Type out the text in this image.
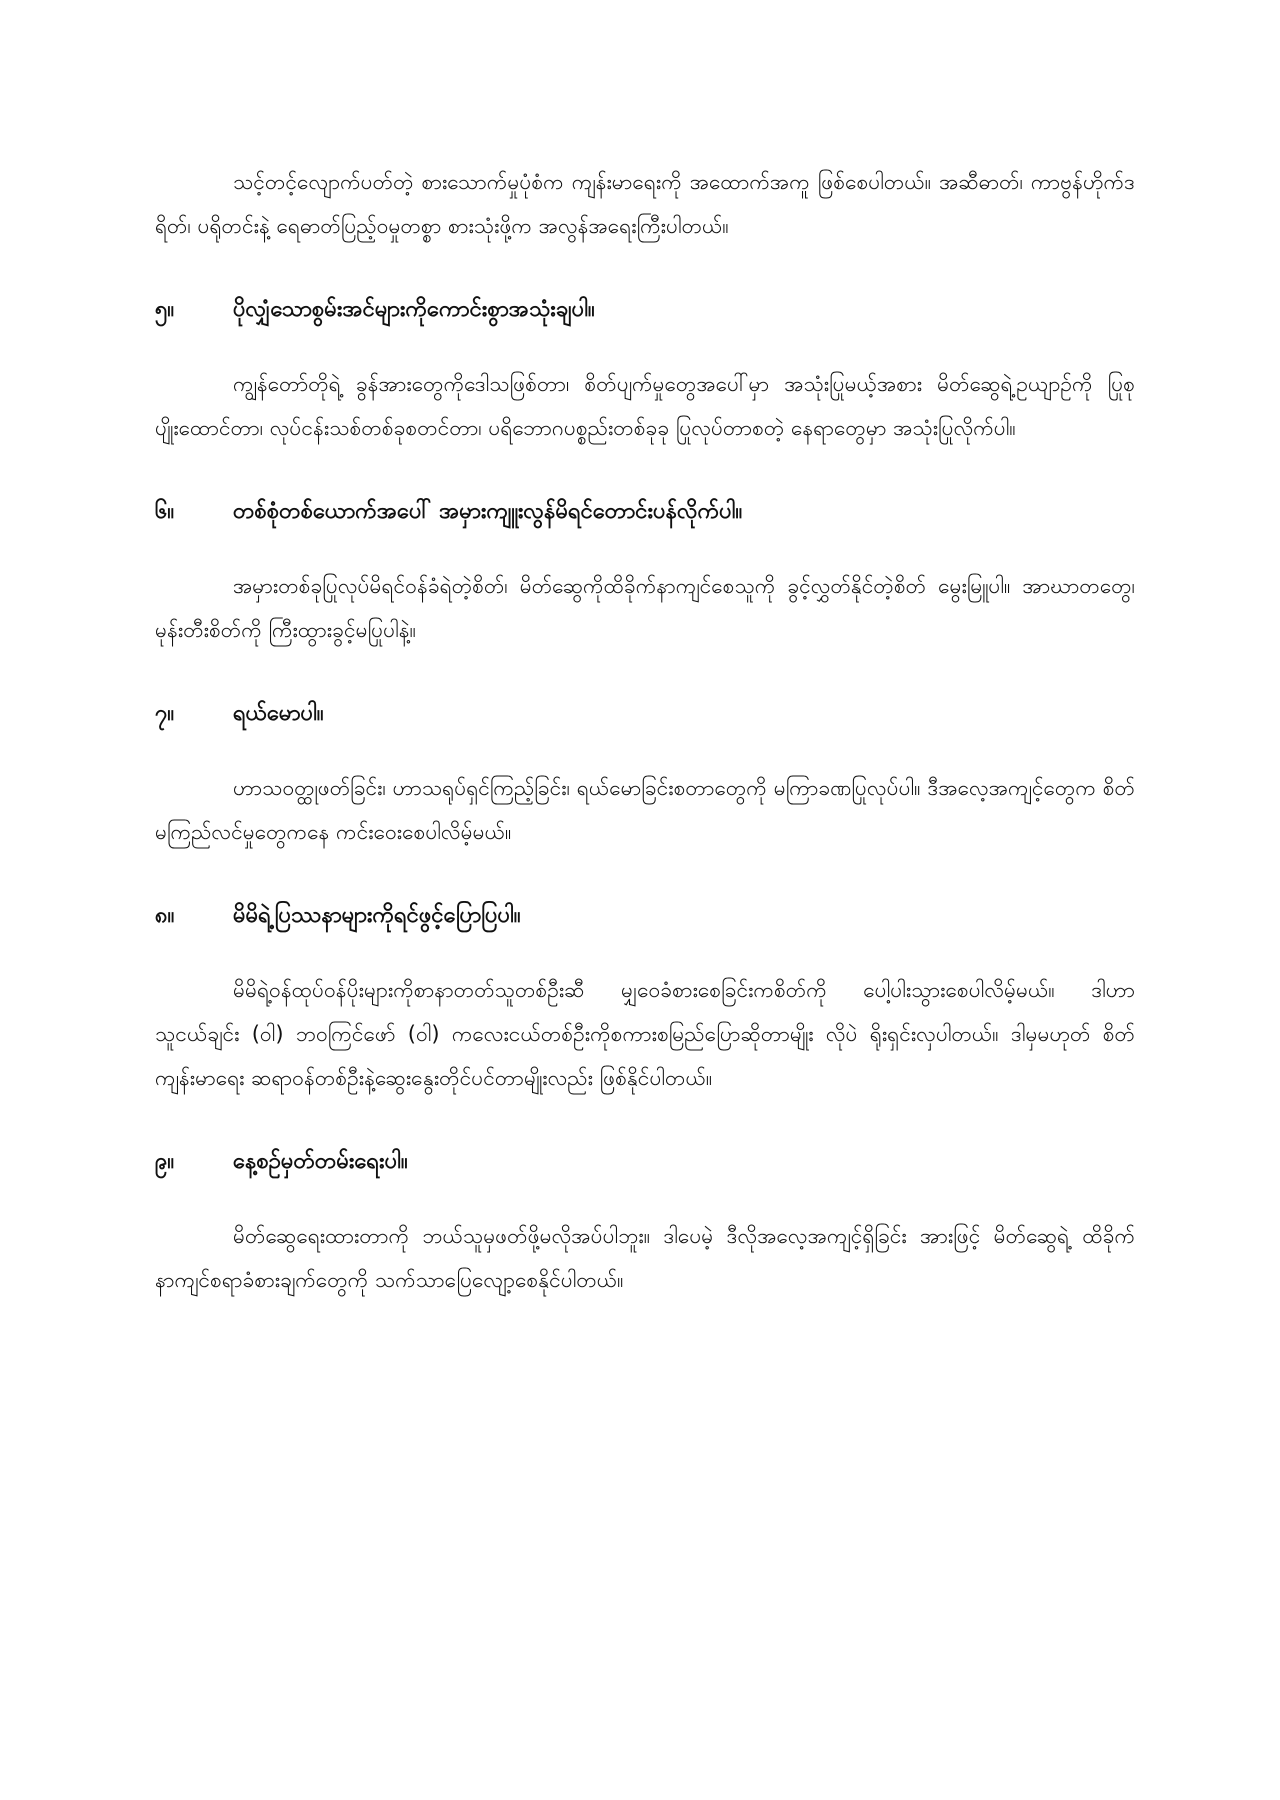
သင့်တင့်လျောက်ပတ်တဲ့ စားသောက်မှုပုံစံက ကျန်းမာရေးကို အထောက်အကူ ဖြစ်စေပါတယ်။ အဆီဓာတ်၊ ကာဗွန်ဟိုက်ဒရိတ်၊ ပရိုတင်းနဲ့ ရေဓာတ်ပြည့်ဝမှုတစ္စာ စားသုံးဖို့က အလွန်အရေးကြီးပါတယ်။

၅။	ပိုလျှံသောစွမ်းအင်များကိုကောင်းစွာအသုံးချပါ။

ကျွန်တော်တိုရဲ့ ခွန်အားတွေကိုဒေါသဖြစ်တာ၊ စိတ်ပျက်မှုတွေအပေါ်မှာ အသုံးပြုမယ့်အစား မိတ်ဆွေရဲ့ဥယျာဉ်ကို ပြုစုပျိုးထောင်တာ၊ လုပ်ငန်းသစ်တစ်ခုစတင်တာ၊ ပရိဘောဂပစ္စည်းတစ်ခုခု ပြုလုပ်တာစတဲ့ နေရာတွေမှာ အသုံးပြုလိုက်ပါ။

၆။	တစ်စုံတစ်ယောက်အပေါ် အမှားကျူးလွန်မိရင်တောင်းပန်လိုက်ပါ။

အမှားတစ်ခုပြုလုပ်မိရင်ဝန်ခံရဲတဲ့စိတ်၊ မိတ်ဆွေကိုထိခိုက်နာကျင်စေသူကို ခွင့်လွှတ်နိုင်တဲ့စိတ် မွေးမြူပါ။ အာဃာတတွေ၊ မုန်းတီးစိတ်ကို ကြီးထွားခွင့်မပြုပါနဲ့။

၇။	ရယ်မောပါ။

ဟာသဝတ္ထုဖတ်ခြင်း၊ ဟာသရုပ်ရှင်ကြည့်ခြင်း၊ ရယ်မောခြင်းစတာတွေကို မကြာခဏပြုလုပ်ပါ။ ဒီအလေ့အကျင့်တွေက စိတ်မကြည်လင်မှုတွေကနေ ကင်းဝေးစေပါလိမ့်မယ်။

၈။	မိမိရဲ့ပြဿနာများကိုရင်ဖွင့်ပြောပြပါ။

မိမိရဲ့ဝန်ထုပ်ဝန်ပိုးများကိုစာနာတတ်သူတစ်ဦးဆီ မျှဝေခံစားစေခြင်းကစိတ်ကို ပေါ့ပါးသွားစေပါလိမ့်မယ်။ ဒါဟာ သူငယ်ချင်း (ဝါ) ဘဝကြင်ဖော် (ဝါ) ကလေးငယ်တစ်ဦးကိုစကားစမြည်ပြောဆိုတာမျိုး လိုပဲ ရိုးရှင်းလှပါတယ်။ ဒါမှမဟုတ် စိတ်ကျန်းမာရေး ဆရာဝန်တစ်ဦးနဲ့ဆွေးနွေးတိုင်ပင်တာမျိုးလည်း ဖြစ်နိုင်ပါတယ်။

၉။	နေ့စဉ်မှတ်တမ်းရေးပါ။

မိတ်ဆွေရေးထားတာကို ဘယ်သူမှဖတ်ဖို့မလိုအပ်ပါဘူး။ ဒါပေမဲ့ ဒီလိုအလေ့အကျင့်ရှိခြင်း အားဖြင့် မိတ်ဆွေရဲ့ ထိခိုက်နာကျင်စရာခံစားချက်တွေကို သက်သာပြေလျော့စေနိုင်ပါတယ်။
